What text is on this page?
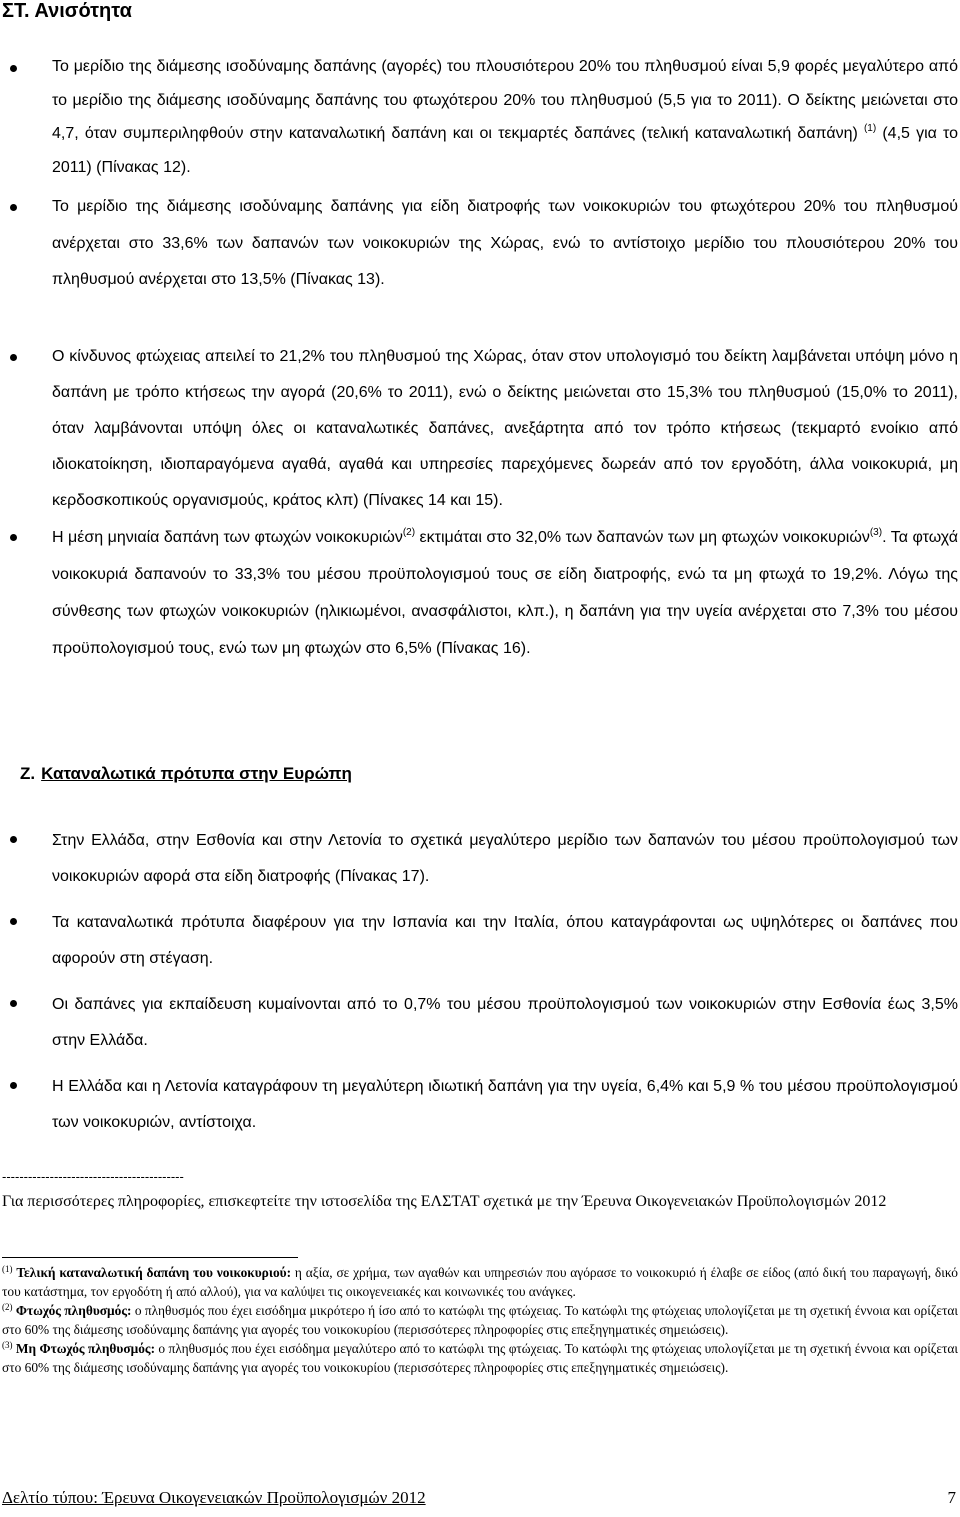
ΣΤ. Ανισότητα
Το μερίδιο της διάμεσης ισοδύναμης δαπάνης (αγορές) του πλουσιότερου 20% του πληθυσμού είναι 5,9 φορές μεγαλύτερο από το μερίδιο της διάμεσης ισοδύναμης δαπάνης του φτωχότερου 20% του πληθυσμού (5,5 για το 2011). Ο δείκτης μειώνεται στο 4,7, όταν συμπεριληφθούν στην καταναλωτική δαπάνη και οι τεκμαρτές δαπάνες (τελική καταναλωτική δαπάνη) $^{(1)}$ (4,5 για το 2011) (Πίνακας 12).
Το μερίδιο της διάμεσης ισοδύναμης δαπάνης για είδη διατροφής των νοικοκυριών του φτωχότερου 20% του πληθυσμού ανέρχεται στο 33,6% των δαπανών των νοικοκυριών της Χώρας, ενώ το αντίστοιχο μερίδιο του πλουσιότερου 20% του πληθυσμού ανέρχεται στο 13,5% (Πίνακας 13).
Ο κίνδυνος φτώχειας απειλεί το 21,2% του πληθυσμού της Χώρας, όταν στον υπολογισμό του δείκτη λαμβάνεται υπόψη μόνο η δαπάνη με τρόπο κτήσεως την αγορά (20,6% το 2011), ενώ ο δείκτης μειώνεται στο 15,3% του πληθυσμού (15,0% το 2011), όταν λαμβάνονται υπόψη όλες οι καταναλωτικές δαπάνες, ανεξάρτητα από τον τρόπο κτήσεως (τεκμαρτό ενοίκιο από ιδιοκατοίκηση, ιδιοπαραγόμενα αγαθά, αγαθά και υπηρεσίες παρεχόμενες δωρεάν από τον εργοδότη, άλλα νοικοκυριά, μη κερδοσκοπικούς οργανισμούς, κράτος κλπ) (Πίνακες 14 και 15).
Η μέση μηνιαία δαπάνη των φτωχών νοικοκυριών$^{(2)}$ εκτιμάται στο 32,0% των δαπανών των μη φτωχών νοικοκυριών$^{(3)}$. Τα φτωχά νοικοκυριά δαπανούν το 33,3% του μέσου προϋπολογισμού τους σε είδη διατροφής, ενώ τα μη φτωχά το 19,2%. Λόγω της σύνθεσης των φτωχών νοικοκυριών (ηλικιωμένοι, ανασφάλιστοι, κλπ.), η δαπάνη για την υγεία ανέρχεται στο 7,3% του μέσου προϋπολογισμού τους, ενώ των μη φτωχών στο 6,5% (Πίνακας 16).
Ζ. Καταναλωτικά πρότυπα στην Ευρώπη
Στην Ελλάδα, στην Εσθονία και στην Λετονία το σχετικά μεγαλύτερο μερίδιο των δαπανών του μέσου προϋπολογισμού των νοικοκυριών αφορά στα είδη διατροφής (Πίνακας 17).
Τα καταναλωτικά πρότυπα διαφέρουν για την Ισπανία και την Ιταλία, όπου καταγράφονται ως υψηλότερες οι δαπάνες που αφορούν στη στέγαση.
Οι δαπάνες για εκπαίδευση κυμαίνονται από το 0,7% του μέσου προϋπολογισμού των νοικοκυριών στην Εσθονία έως 3,5% στην Ελλάδα.
Η Ελλάδα και η Λετονία καταγράφουν τη μεγαλύτερη ιδιωτική δαπάνη για την υγεία, 6,4% και 5,9 % του μέσου προϋπολογισμού των νοικοκυριών, αντίστοιχα.
------------------------------------------
Για περισσότερες πληροφορίες, επισκεφτείτε την ιστοσελίδα της ΕΛΣΤΑΤ σχετικά με την Έρευνα Οικογενειακών Προϋπολογισμών 2012

$^{(1)}$ Τελική καταναλωτική δαπάνη του νοικοκυριού: η αξία, σε χρήμα, των αγαθών και υπηρεσιών που αγόρασε το νοικοκυριό ή έλαβε σε είδος (από δική του παραγωγή, δικό του κατάστημα, τον εργοδότη ή από αλλού), για να καλύψει τις οικογενειακές και κοινωνικές του ανάγκες.

$^{(2)}$ Φτωχός πληθυσμός: ο πληθυσμός που έχει εισόδημα μικρότερο ή ίσο από το κατώφλι της φτώχειας. Το κατώφλι της φτώχειας υπολογίζεται με τη σχετική έννοια και ορίζεται στο 60% της διάμεσης ισοδύναμης δαπάνης για αγορές του νοικοκυρίου (περισσότερες πληροφορίες στις επεξηγηματικές σημειώσεις).

$^{(3)}$ Μη Φτωχός πληθυσμός: ο πληθυσμός που έχει εισόδημα μεγαλύτερο από το κατώφλι της φτώχειας. Το κατώφλι της φτώχειας υπολογίζεται με τη σχετική έννοια και ορίζεται στο 60% της διάμεσης ισοδύναμης δαπάνης για αγορές του νοικοκυρίου (περισσότερες πληροφορίες στις επεξηγηματικές σημειώσεις).

Δελτίο τύπου: Έρευνα Οικογενειακών Προϋπολογισμών 2012	7
